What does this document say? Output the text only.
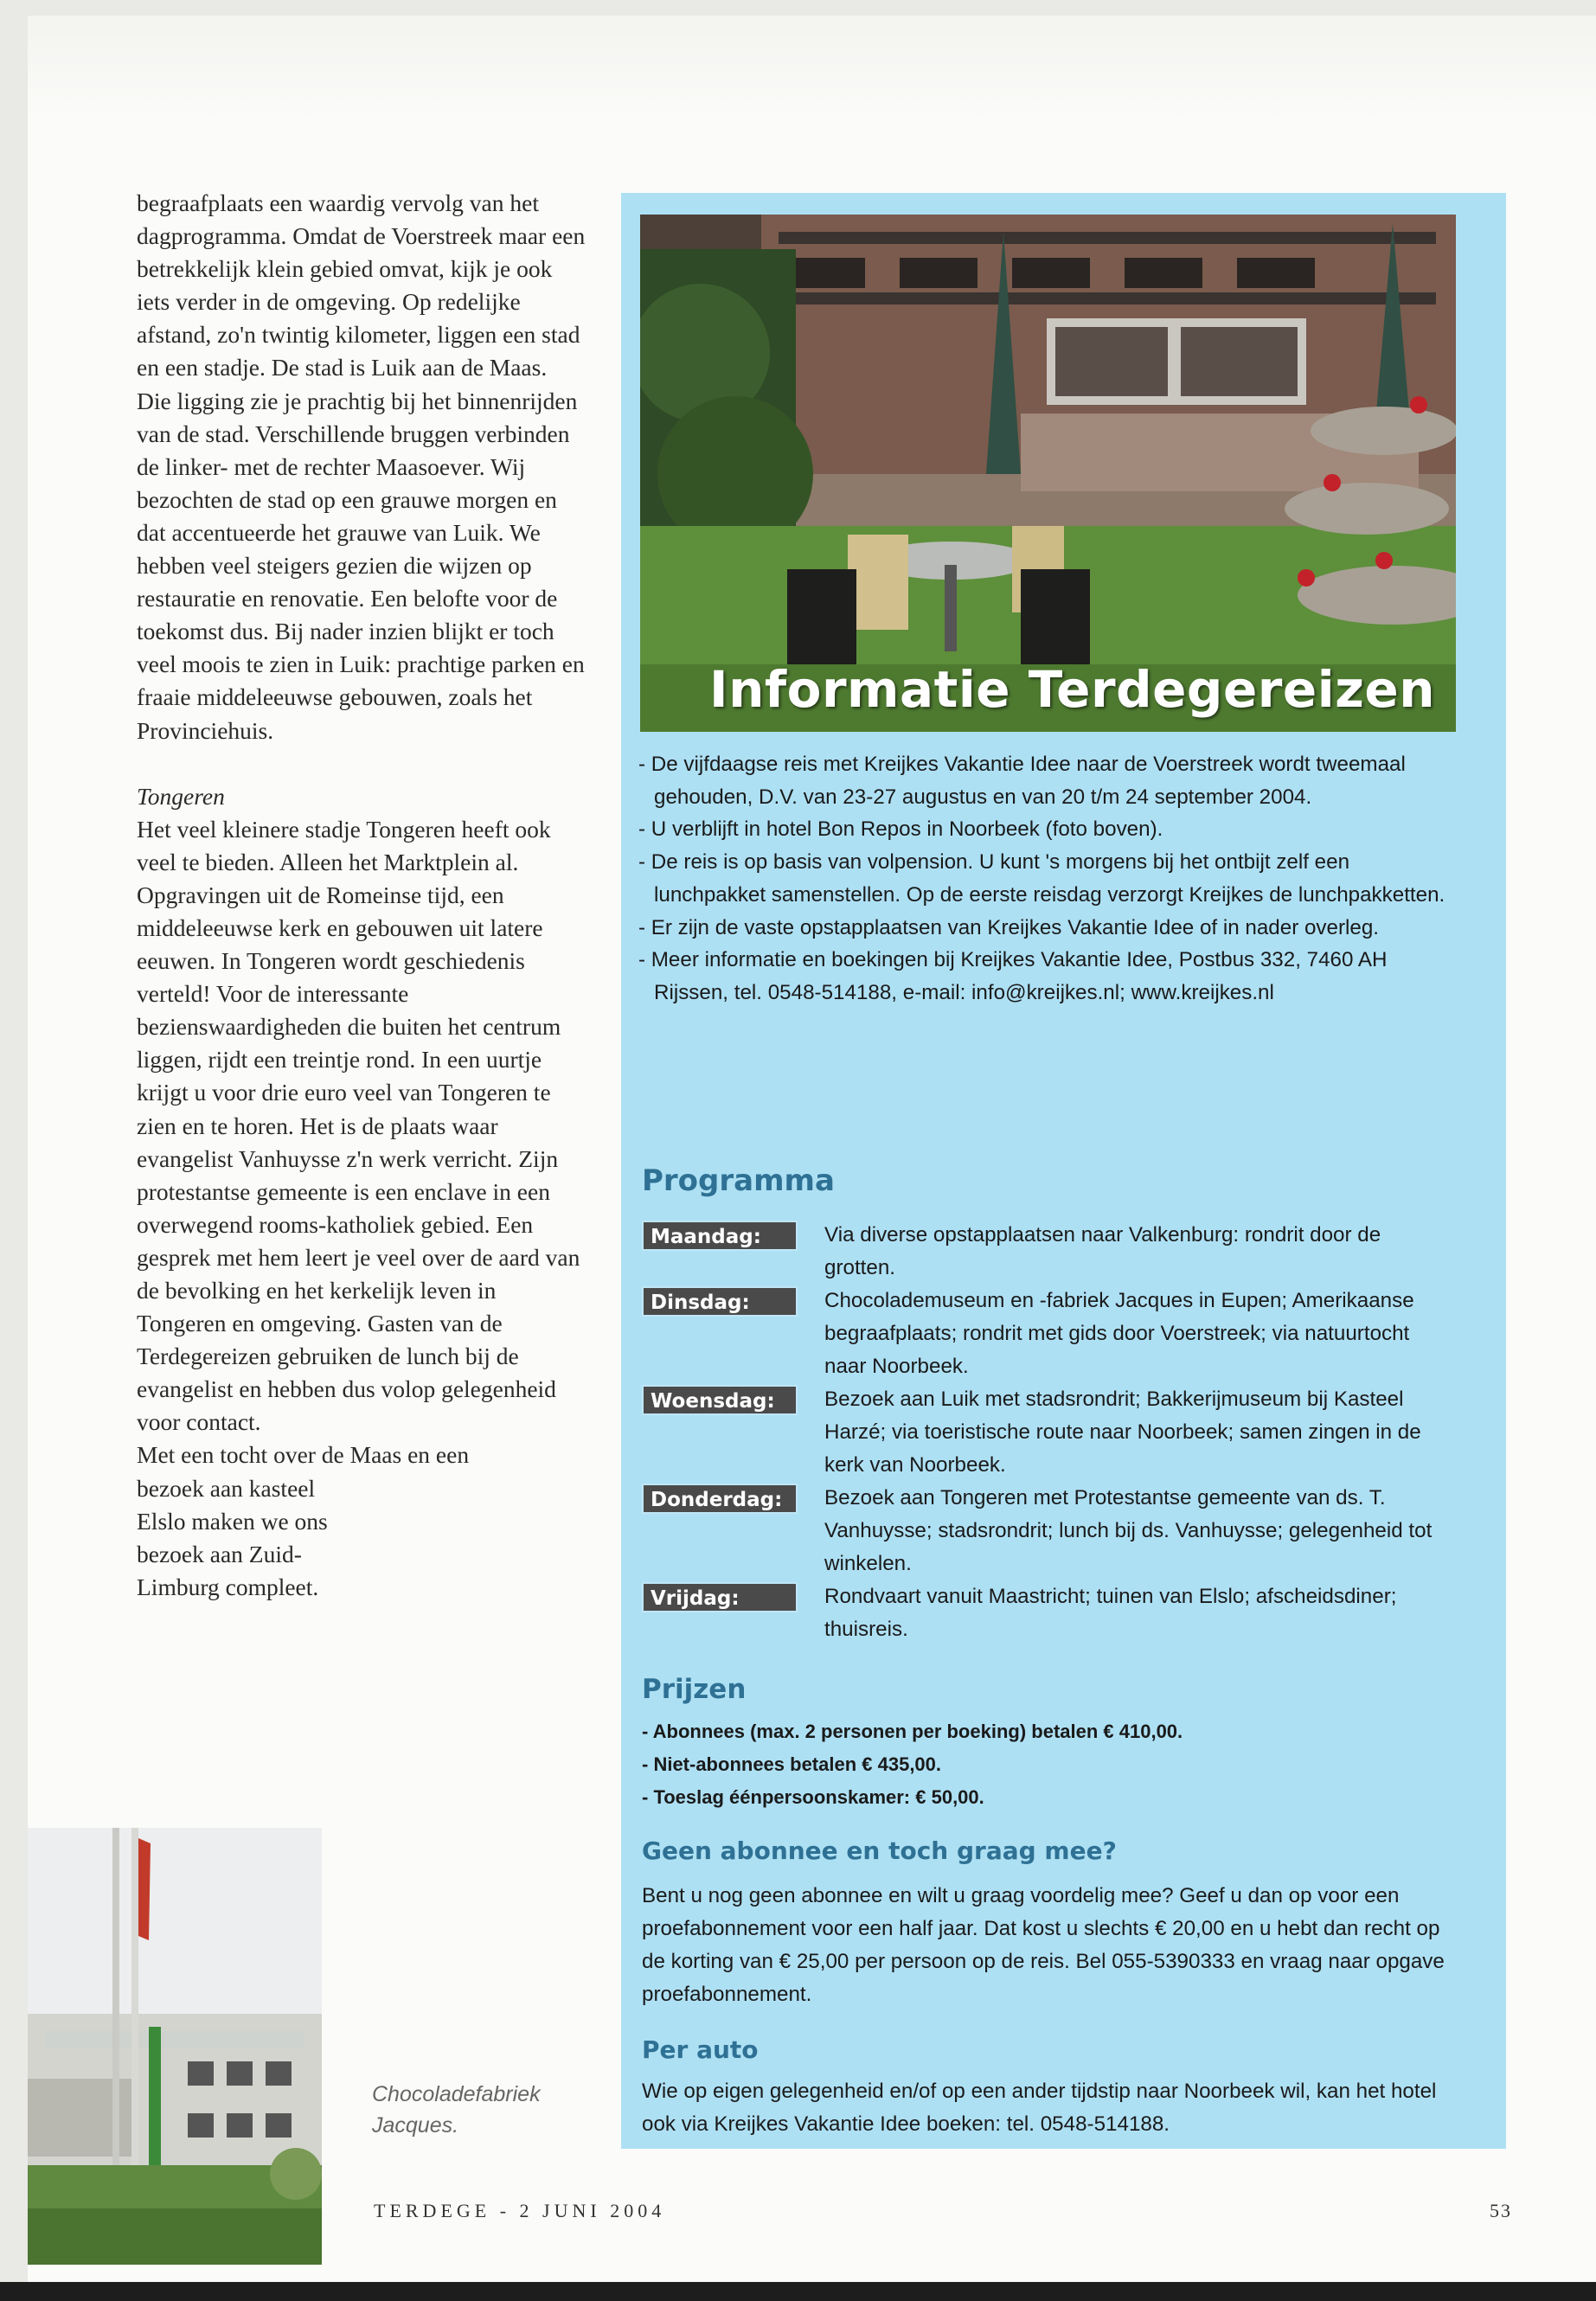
begraafplaats een waardig vervolg van het dagprogramma. Omdat de Voerstreek maar een betrekkelijk klein gebied omvat, kijk je ook iets verder in de omgeving. Op redelijke afstand, zo'n twintig kilometer, liggen een stad en een stadje. De stad is Luik aan de Maas. Die ligging zie je prachtig bij het binnenrijden van de stad. Verschillende bruggen verbinden de linker- met de rechter Maasoever. Wij bezochten de stad op een grauwe morgen en dat accentueerde het grauwe van Luik. We hebben veel steigers gezien die wijzen op restauratie en renovatie. Een belofte voor de toekomst dus. Bij nader inzien blijkt er toch veel moois te zien in Luik: prachtige parken en fraaie middeleeuwse gebouwen, zoals het Provinciehuis.

Tongeren

Het veel kleinere stadje Tongeren heeft ook veel te bieden. Alleen het Marktplein al. Opgravingen uit de Romeinse tijd, een middeleeuwse kerk en gebouwen uit latere eeuwen. In Tongeren wordt geschiedenis verteld! Voor de interessante bezienswaardigheden die buiten het centrum liggen, rijdt een treintje rond. In een uurtje krijgt u voor drie euro veel van Tongeren te zien en te horen. Het is de plaats waar evangelist Vanhuysse z'n werk verricht. Zijn protestantse gemeente is een enclave in een overwegend rooms-katholiek gebied. Een gesprek met hem leert je veel over de aard van de bevolking en het kerkelijk leven in Tongeren en omgeving. Gasten van de Terdegereizen gebruiken de lunch bij de evangelist en hebben dus volop gelegenheid voor contact.

Met een tocht over de Maas en een

bezoek aan kasteel Elslo maken we ons bezoek aan Zuid-Limburg compleet.

Chocoladefabriek Jacques.
Informatie Terdegereizen
- De vijfdaagse reis met Kreijkes Vakantie Idee naar de Voerstreek wordt tweemaal gehouden, D.V. van 23-27 augustus en van 20 t/m 24 september 2004.
- U verblijft in hotel Bon Repos in Noorbeek (foto boven).
- De reis is op basis van volpension. U kunt 's morgens bij het ontbijt zelf een lunchpakket samenstellen. Op de eerste reisdag verzorgt Kreijkes de lunchpakketten.
- Er zijn de vaste opstapplaatsen van Kreijkes Vakantie Idee of in nader overleg.
- Meer informatie en boekingen bij Kreijkes Vakantie Idee, Postbus 332, 7460 AH Rijssen, tel. 0548-514188, e-mail: info@kreijkes.nl; www.kreijkes.nl
Programma
Maandag:	Via diverse opstapplaatsen naar Valkenburg: rondrit door de grotten.
Dinsdag:	Chocolademuseum en -fabriek Jacques in Eupen; Amerikaanse begraafplaats; rondrit met gids door Voerstreek; via natuurtocht naar Noorbeek.
Woensdag:	Bezoek aan Luik met stadsrondrit; Bakkerijmuseum bij Kasteel Harzé; via toeristische route naar Noorbeek; samen zingen in de kerk van Noorbeek.
Donderdag:	Bezoek aan Tongeren met Protestantse gemeente van ds. T. Vanhuysse; stadsrondrit; lunch bij ds. Vanhuysse; gelegenheid tot winkelen.
Vrijdag:	Rondvaart vanuit Maastricht; tuinen van Elslo; afscheidsdiner; thuisreis.
Prijzen
- Abonnees (max. 2 personen per boeking) betalen € 410,00.
- Niet-abonnees betalen € 435,00.
- Toeslag éénpersoonskamer: € 50,00.
Geen abonnee en toch graag mee?
Bent u nog geen abonnee en wilt u graag voordelig mee? Geef u dan op voor een proefabonnement voor een half jaar. Dat kost u slechts € 20,00 en u hebt dan recht op de korting van € 25,00 per persoon op de reis. Bel 055-5390333 en vraag naar opgave proefabonnement.
Per auto
Wie op eigen gelegenheid en/of op een ander tijdstip naar Noorbeek wil, kan het hotel ook via Kreijkes Vakantie Idee boeken: tel. 0548-514188.
TERDEGE - 2 JUNI 2004	53
